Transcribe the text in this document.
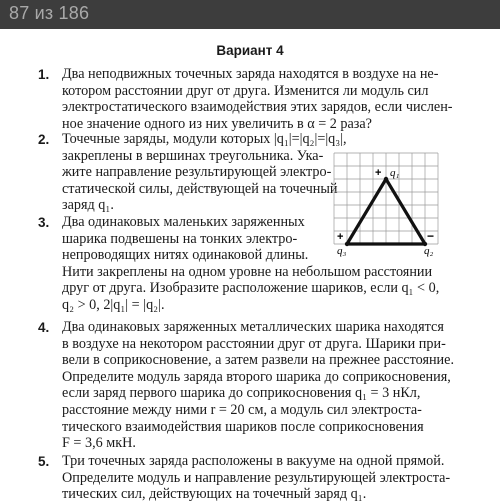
87 из 186
Вариант 4
1. Два неподвижных точечных заряда находятся в воздухе на не-
котором расстоянии друг от друга. Изменится ли модуль сил
электростатического взаимодействия этих зарядов, если числен-
ное значение одного из них увеличить в α = 2 раза?
2. Точечные заряды, модули которых |q₁|=|q₂|=|q₃|,
закреплены в вершинах треугольника. Ука-
жите направление результирующей электро-
статической силы, действующей на точечный
заряд q₁.
3. Два одинаковых маленьких заряженных
шарика подвешены на тонких электро-
непроводящих нитях одинаковой длины.
Нити закреплены на одном уровне на небольшом расстоянии
друг от друга. Изобразите расположение шариков, если q₁ < 0,
q₂ > 0, 2|q₁| = |q₂|.
4. Два одинаковых заряженных металлических шарика находятся
в воздухе на некотором расстоянии друг от друга. Шарики при-
вели в соприкосновение, а затем развели на прежнее расстояние.
Определите модуль заряда второго шарика до соприкосновения,
если заряд первого шарика до соприкосновения q₁ = 3 нКл,
расстояние между ними r = 20 см, а модуль сил электроста-
тического взаимодействия шариков после соприкосновения
F = 3,6 мкН.
5. Три точечных заряда расположены в вакууме на одной прямой.
Определите модуль и направление результирующей электроста-
тических сил, действующих на точечный заряд q₁.
+ q₁
+
q₃
−
q₂
